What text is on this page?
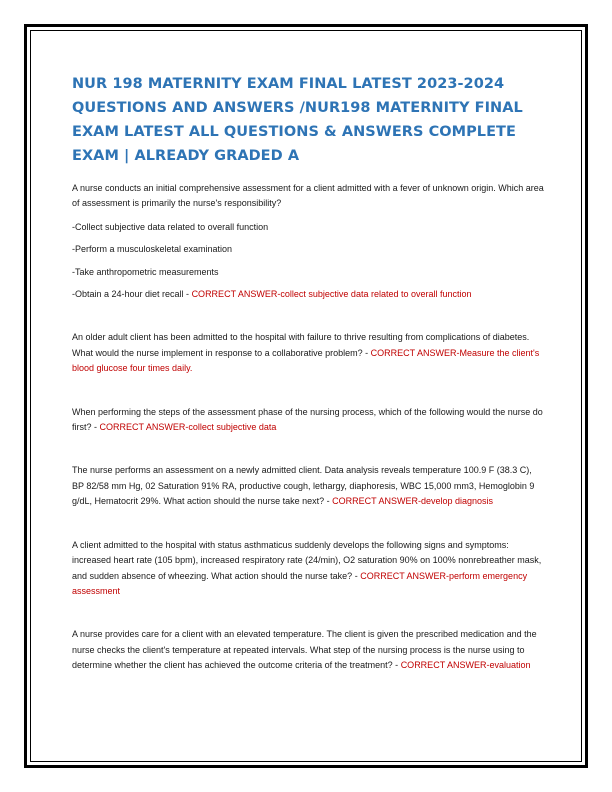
NUR 198 MATERNITY EXAM FINAL LATEST 2023-2024
QUESTIONS AND ANSWERS /NUR198 MATERNITY FINAL
EXAM LATEST ALL QUESTIONS & ANSWERS COMPLETE
EXAM | ALREADY GRADED A

A nurse conducts an initial comprehensive assessment for a client admitted with a fever of unknown origin. Which area of assessment is primarily the nurse's responsibility?

-Collect subjective data related to overall function

-Perform a musculoskeletal examination

-Take anthropometric measurements

-Obtain a 24-hour diet recall - CORRECT ANSWER-collect subjective data related to overall function

An older adult client has been admitted to the hospital with failure to thrive resulting from complications of diabetes. What would the nurse implement in response to a collaborative problem? - CORRECT ANSWER-Measure the client's blood glucose four times daily.

When performing the steps of the assessment phase of the nursing process, which of the following would the nurse do first? - CORRECT ANSWER-collect subjective data

The nurse performs an assessment on a newly admitted client. Data analysis reveals temperature 100.9 F (38.3 C), BP 82/58 mm Hg, 02 Saturation 91% RA, productive cough, lethargy, diaphoresis, WBC 15,000 mm3, Hemoglobin 9 g/dL, Hematocrit 29%. What action should the nurse take next? - CORRECT ANSWER-develop diagnosis

A client admitted to the hospital with status asthmaticus suddenly develops the following signs and symptoms: increased heart rate (105 bpm), increased respiratory rate (24/min), O2 saturation 90% on 100% nonrebreather mask, and sudden absence of wheezing. What action should the nurse take? - CORRECT ANSWER-perform emergency assessment

A nurse provides care for a client with an elevated temperature. The client is given the prescribed medication and the nurse checks the client's temperature at repeated intervals. What step of the nursing process is the nurse using to determine whether the client has achieved the outcome criteria of the treatment? - CORRECT ANSWER-evaluation
